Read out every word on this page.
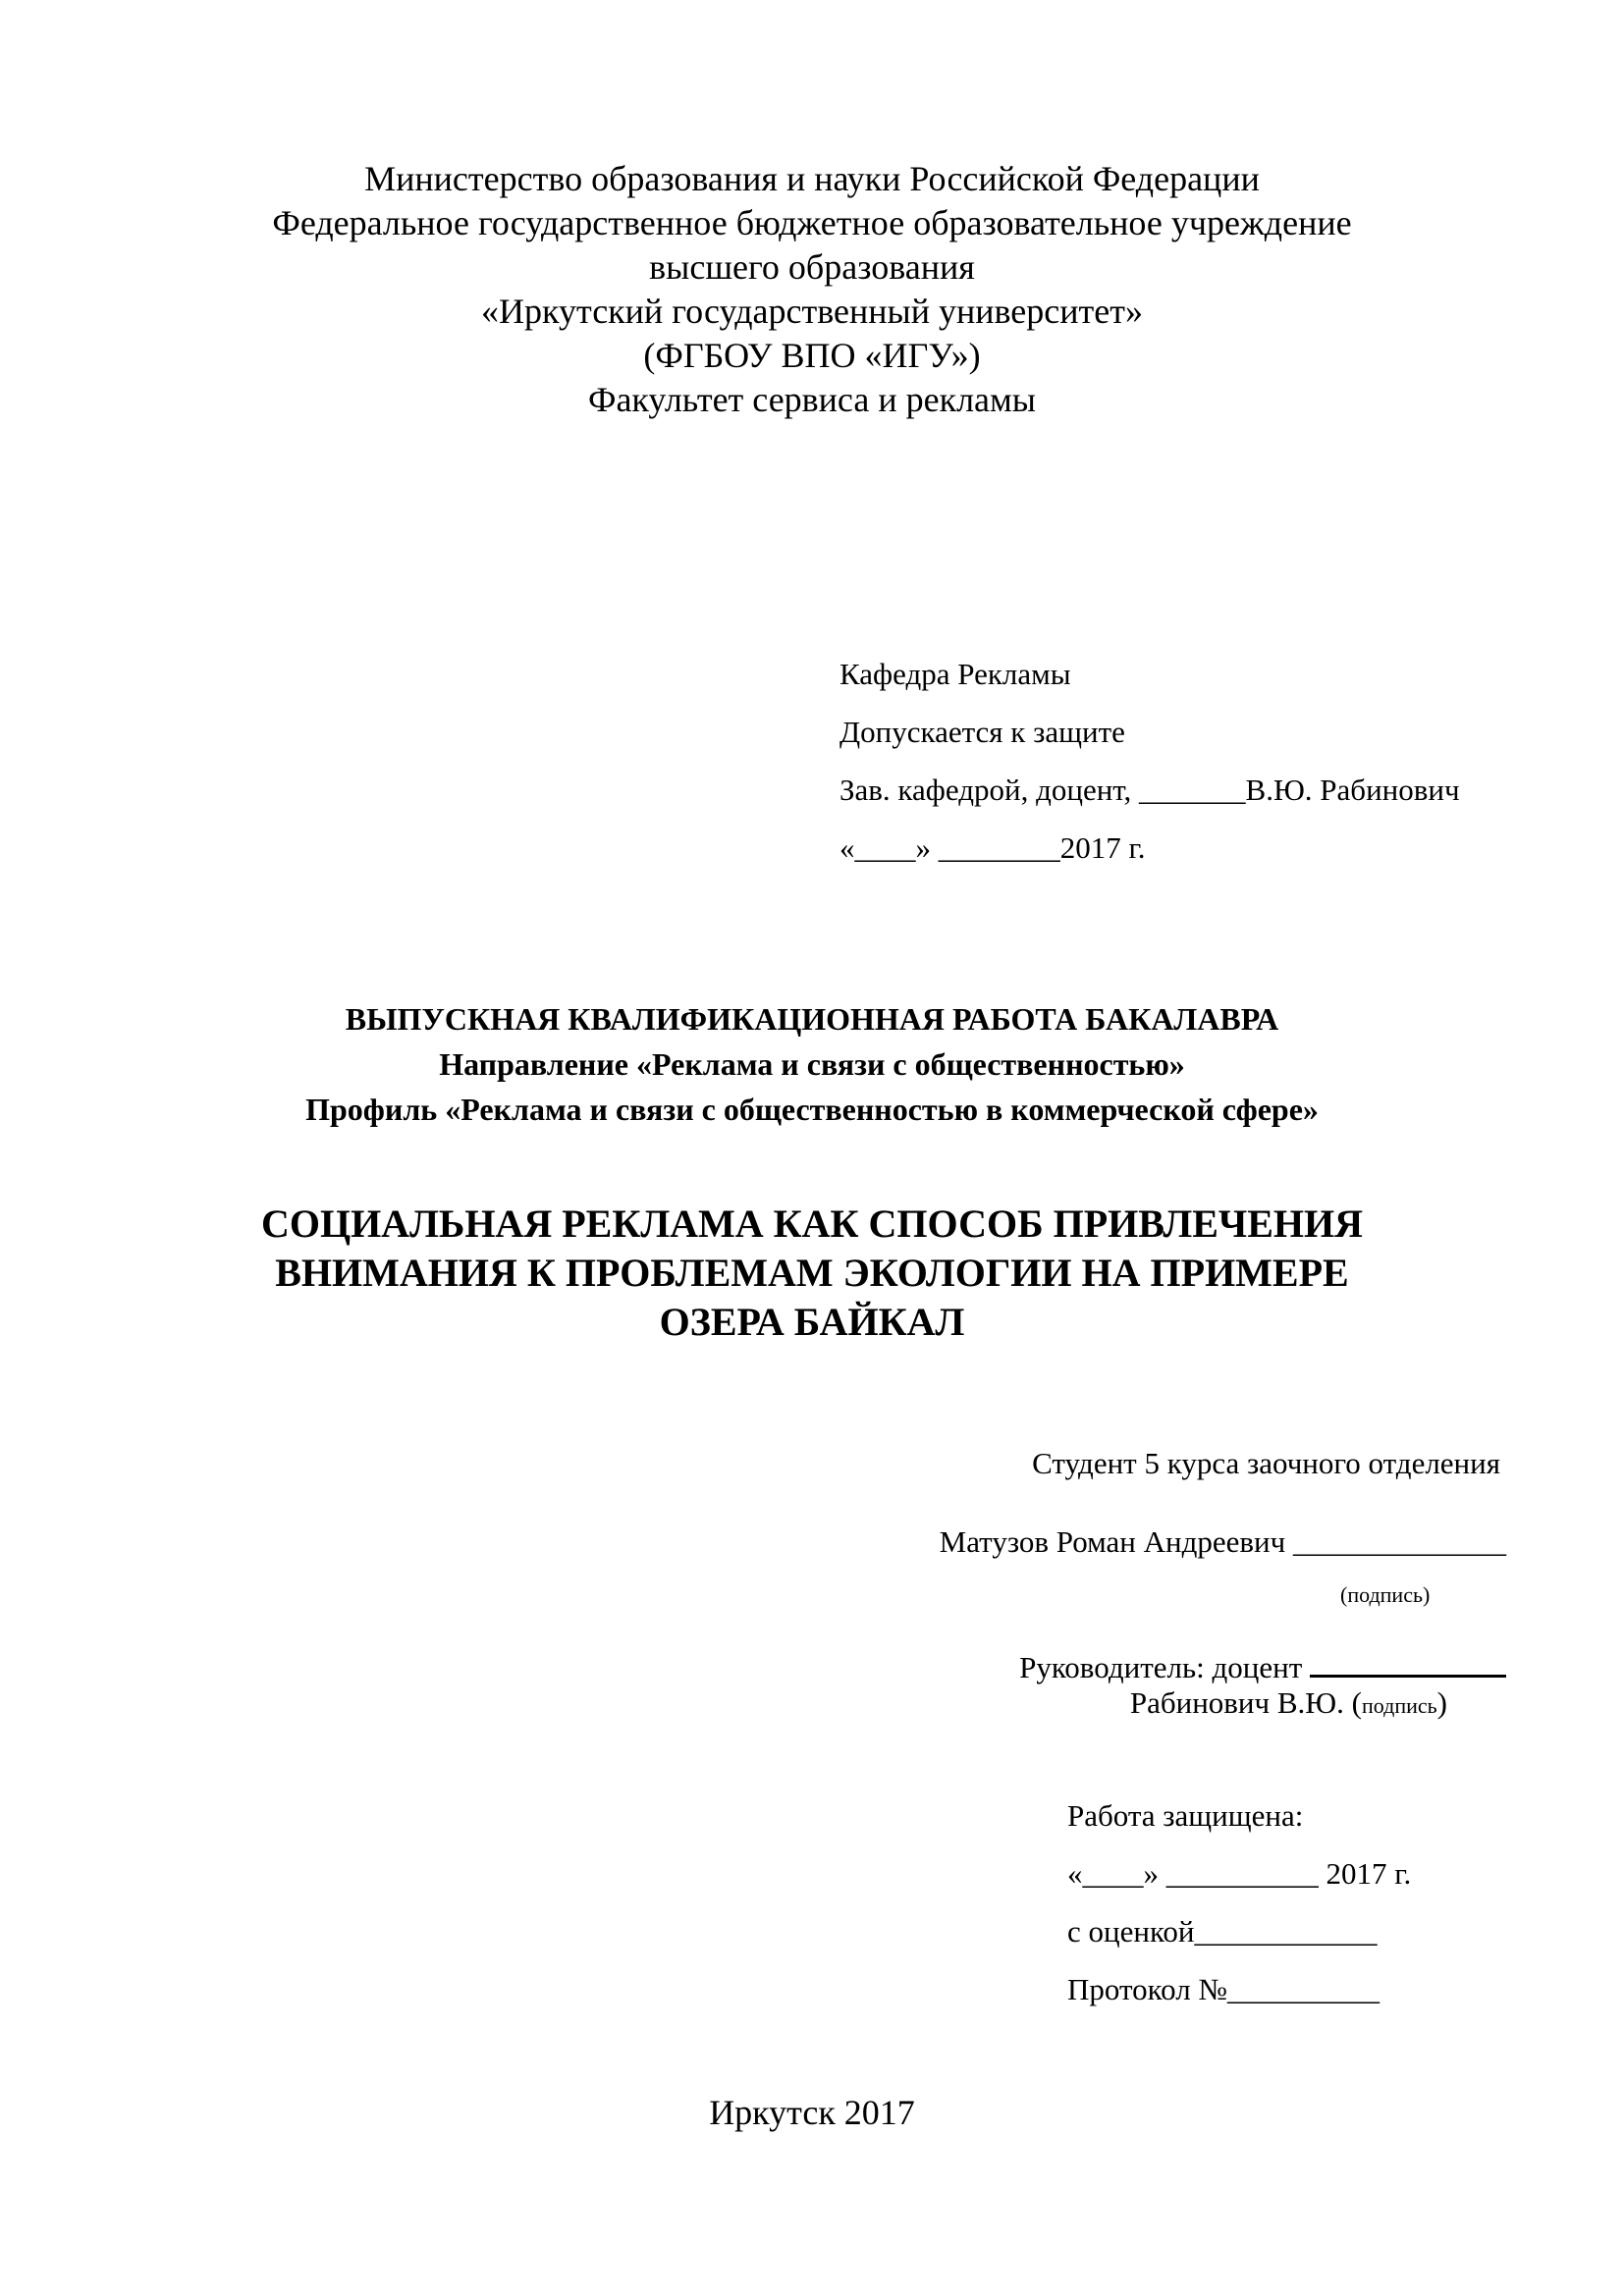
Министерство образования и науки Российской Федерации
Федеральное государственное бюджетное образовательное учреждение
высшего образования
«Иркутский государственный университет»
(ФГБОУ ВПО «ИГУ»)
Факультет сервиса и рекламы
Кафедра Рекламы
Допускается к защите
Зав. кафедрой, доцент, _______В.Ю. Рабинович
«____» ________2017 г.
ВЫПУСКНАЯ КВАЛИФИКАЦИОННАЯ РАБОТА БАКАЛАВРА
Направление «Реклама и связи с общественностью»
Профиль «Реклама и связи с общественностью в коммерческой сфере»
СОЦИАЛЬНАЯ РЕКЛАМА КАК СПОСОБ ПРИВЛЕЧЕНИЯ
ВНИМАНИЯ К ПРОБЛЕМАМ ЭКОЛОГИИ НА ПРИМЕРЕ
ОЗЕРА БАЙКАЛ
Студент 5 курса заочного отделения
Матузов Роман Андреевич ______________
(подпись)
Руководитель: доцент
Рабинович В.Ю. (подпись)
Работа защищена:
«____» __________ 2017 г.
с оценкой____________
Протокол №__________
Иркутск 2017
